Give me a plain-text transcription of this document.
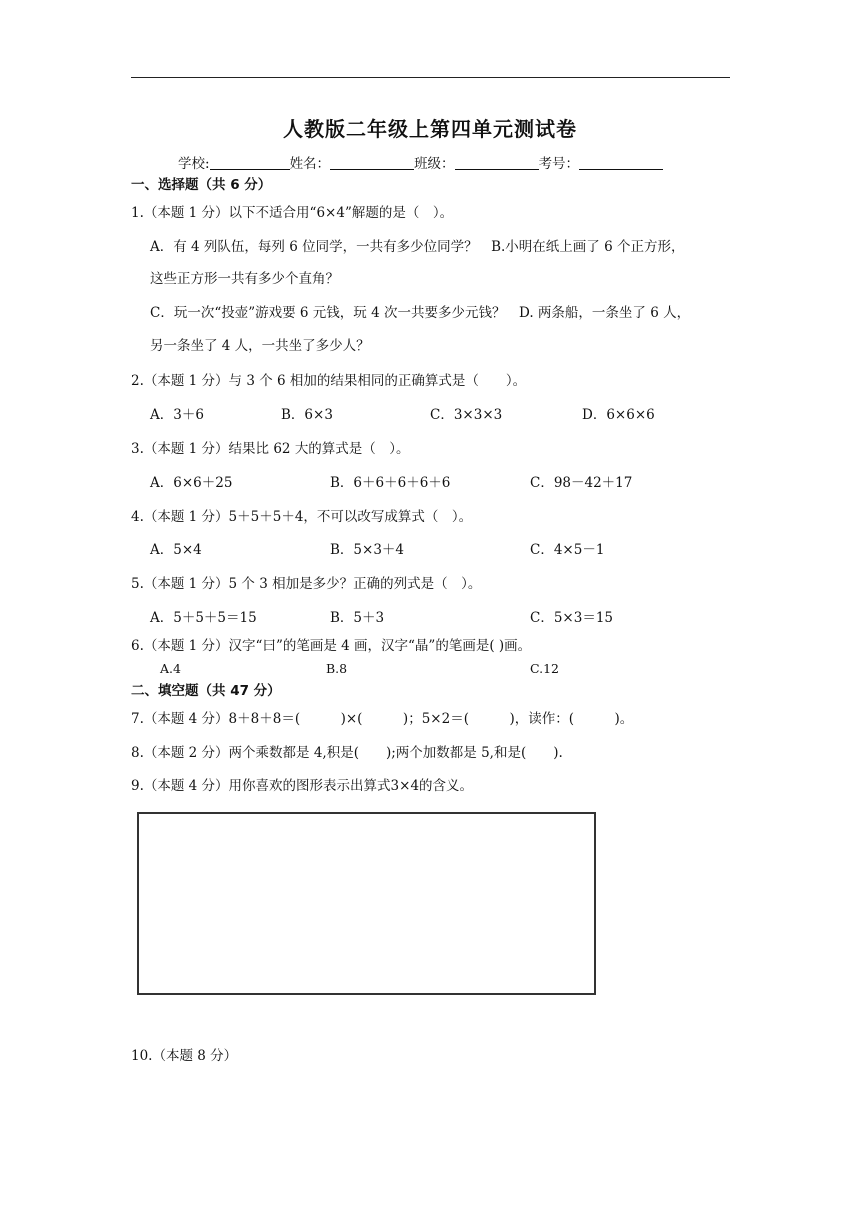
人教版二年级上第四单元测试卷
学校:	姓名：	班级：	考号：
一、选择题（共 6 分）
1.（本题 1 分）以下不适合用“6×4”解题的是（　）。
A．有 4 列队伍，每列 6 位同学，一共有多少位同学？　B.小明在纸上画了 6 个正方形，
这些正方形一共有多少个直角？
C．玩一次“投壶”游戏要 6 元钱，玩 4 次一共要多少元钱？　D. 两条船，一条坐了 6 人，
另一条坐了 4 人，一共坐了多少人？
2.（本题 1 分）与 3 个 6 相加的结果相同的正确算式是（　　）。
A．3＋6	B．6×3	C．3×3×3	D．6×6×6
3.（本题 1 分）结果比 62 大的算式是（　）。
A．6×6＋25	B．6＋6＋6＋6＋6	C．98－42＋17
4.（本题 1 分）5＋5＋5＋4，不可以改写成算式（　）。
A．5×4	B．5×3＋4	C．4×5－1
5.（本题 1 分）5 个 3 相加是多少？正确的列式是（　）。
A．5＋5＋5＝15	B．5＋3	C．5×3＝15
6.（本题 1 分）汉字“曰”的笔画是 4 画，汉字“晶”的笔画是( )画。
A.4	B.8	C.12
二、填空题（共 47 分）
7.（本题 4 分）8＋8＋8＝(　　　)×(　　　)；5×2＝(　　　)，读作：(　　　)。
8.（本题 2 分）两个乘数都是 4,积是(　　);两个加数都是 5,和是(　　).
9.（本题 4 分）用你喜欢的图形表示出算式3×4的含义。
10.（本题 8 分）
